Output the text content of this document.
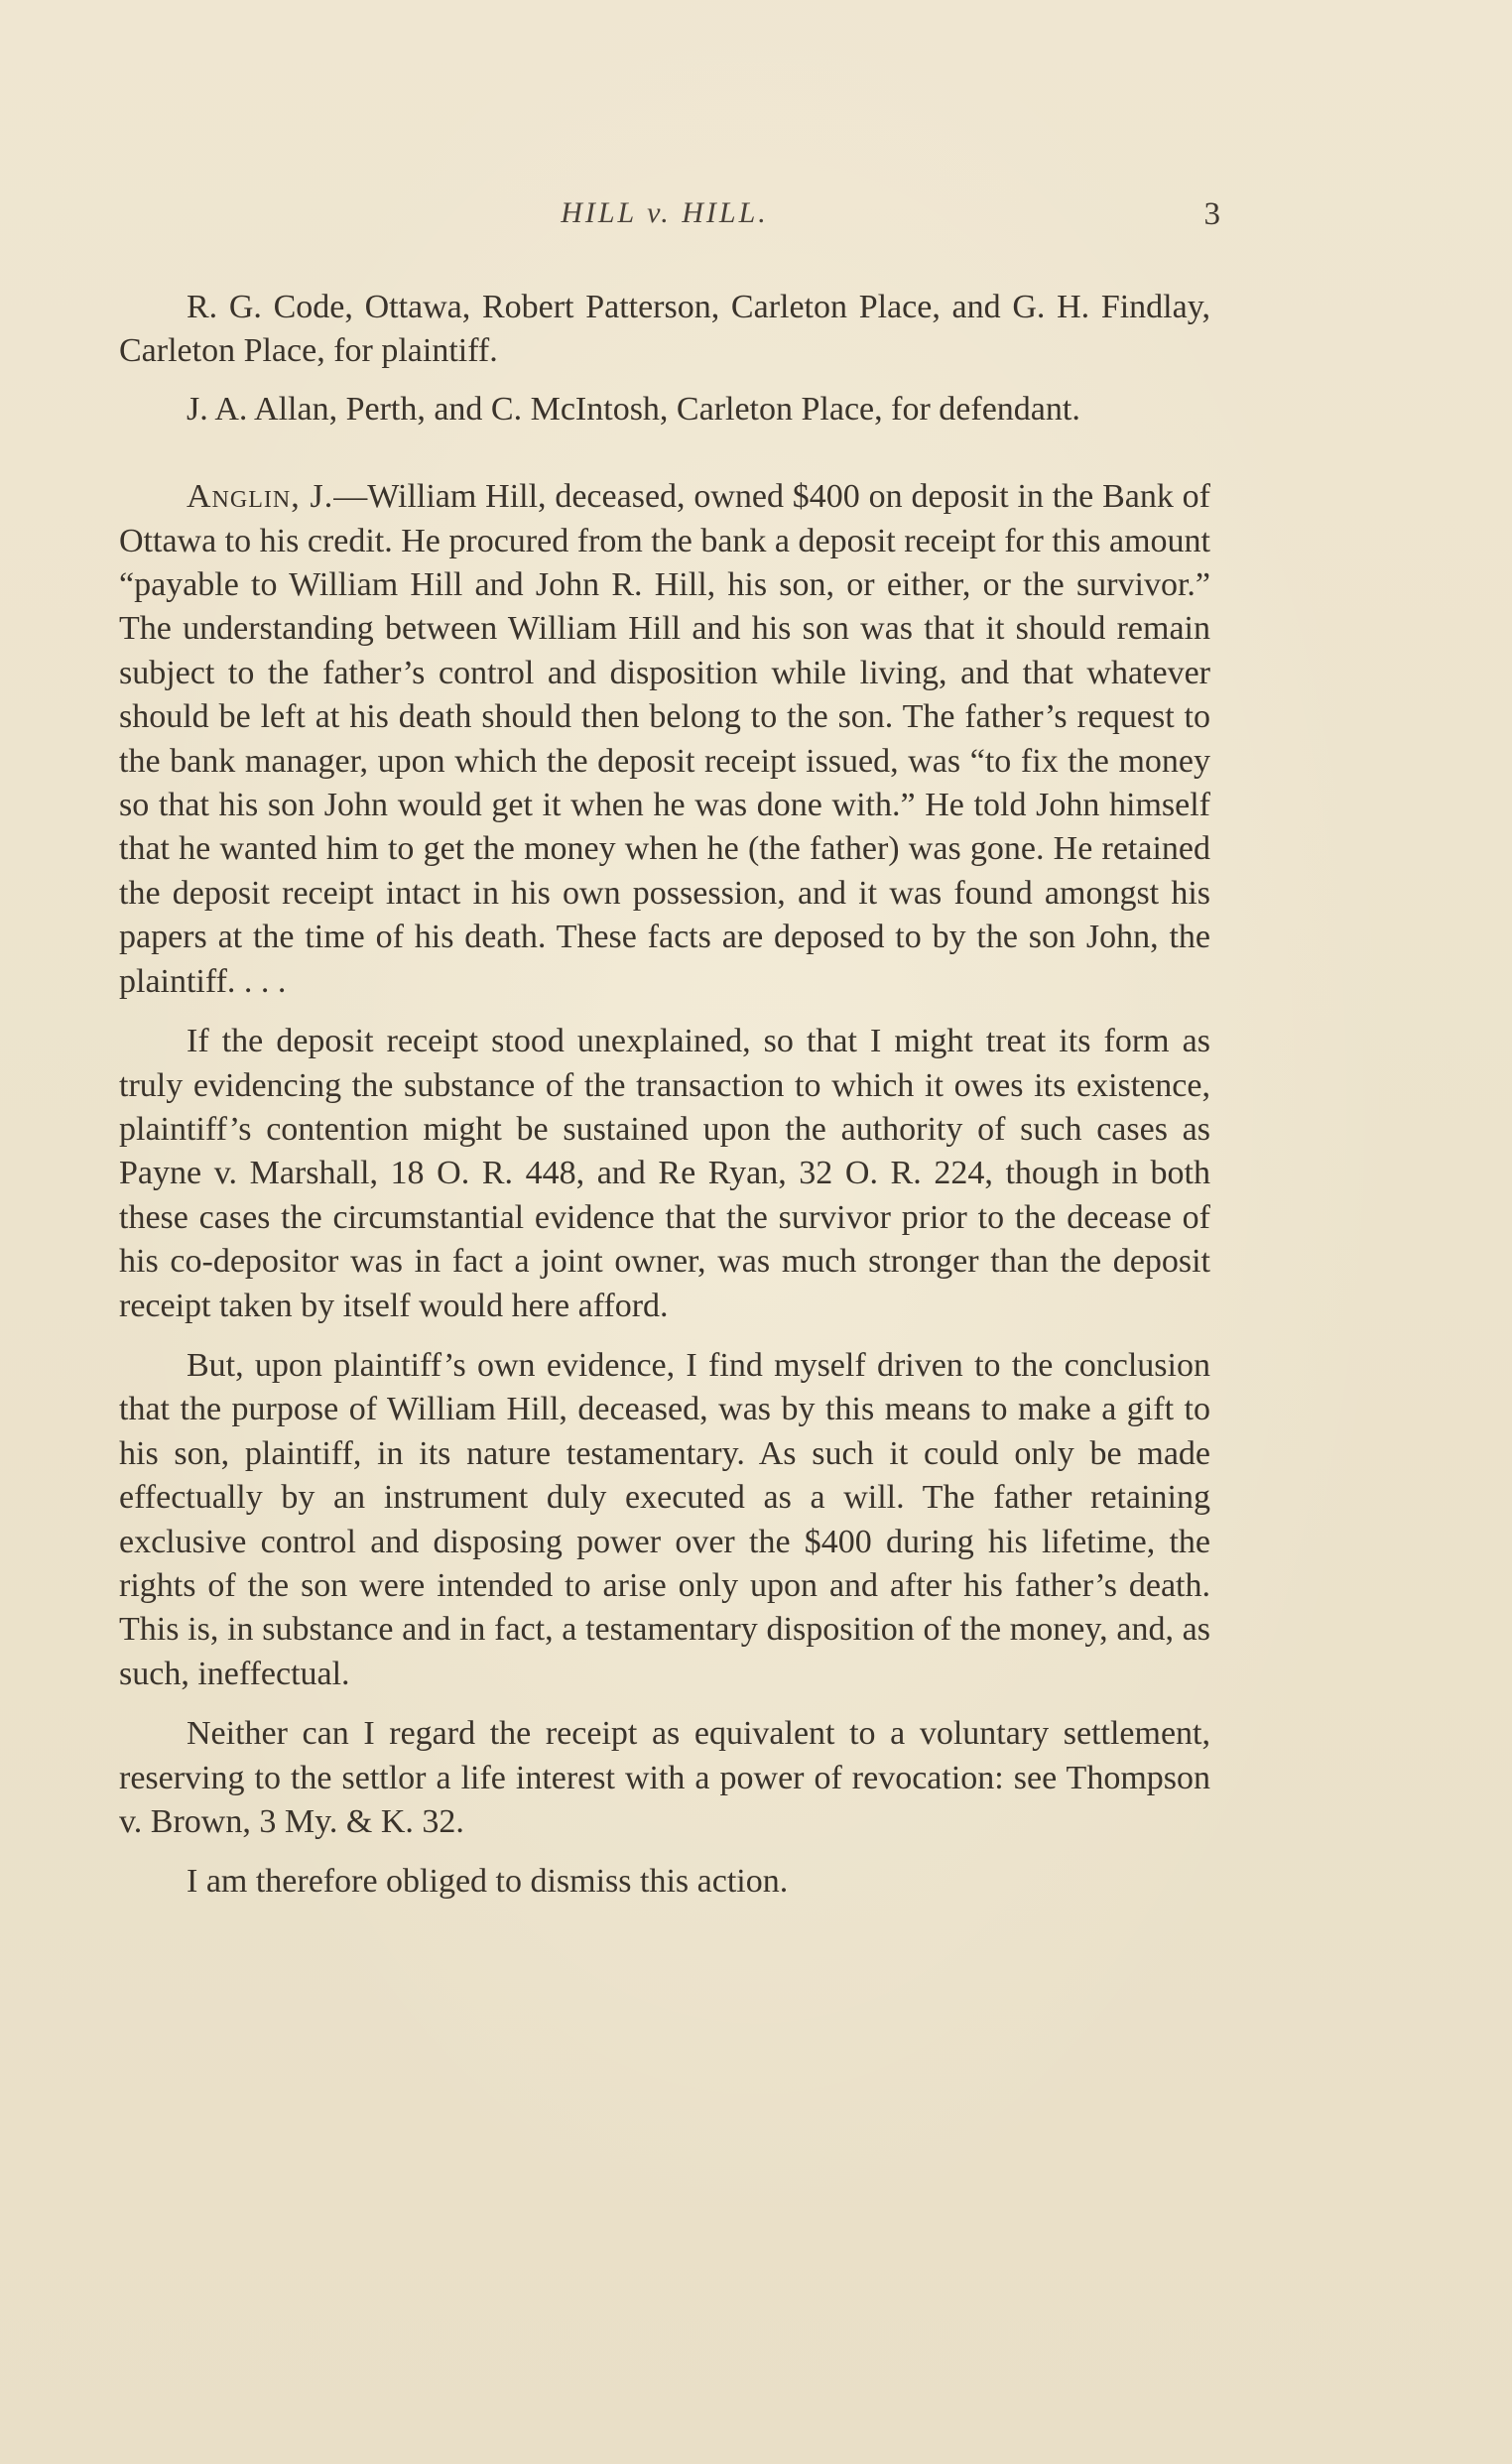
HILL v. HILL.	3

R. G. Code, Ottawa, Robert Patterson, Carleton Place, and G. H. Findlay, Carleton Place, for plaintiff.

J. A. Allan, Perth, and C. McIntosh, Carleton Place, for defendant.

Anglin, J.—William Hill, deceased, owned $400 on deposit in the Bank of Ottawa to his credit. He procured from the bank a deposit receipt for this amount “payable to William Hill and John R. Hill, his son, or either, or the survivor.” The understanding between William Hill and his son was that it should remain subject to the father’s control and disposition while living, and that whatever should be left at his death should then belong to the son. The father’s request to the bank manager, upon which the deposit receipt issued, was “to fix the money so that his son John would get it when he was done with.” He told John himself that he wanted him to get the money when he (the father) was gone. He retained the deposit receipt intact in his own possession, and it was found amongst his papers at the time of his death. These facts are deposed to by the son John, the plaintiff. . . .

If the deposit receipt stood unexplained, so that I might treat its form as truly evidencing the substance of the transaction to which it owes its existence, plaintiff’s contention might be sustained upon the authority of such cases as Payne v. Marshall, 18 O. R. 448, and Re Ryan, 32 O. R. 224, though in both these cases the circumstantial evidence that the survivor prior to the decease of his co-depositor was in fact a joint owner, was much stronger than the deposit receipt taken by itself would here afford.

But, upon plaintiff’s own evidence, I find myself driven to the conclusion that the purpose of William Hill, deceased, was by this means to make a gift to his son, plaintiff, in its nature testamentary. As such it could only be made effectually by an instrument duly executed as a will. The father retaining exclusive control and disposing power over the $400 during his lifetime, the rights of the son were intended to arise only upon and after his father’s death. This is, in substance and in fact, a testamentary disposition of the money, and, as such, ineffectual.

Neither can I regard the receipt as equivalent to a voluntary settlement, reserving to the settlor a life interest with a power of revocation: see Thompson v. Brown, 3 My. & K. 32.

I am therefore obliged to dismiss this action.
